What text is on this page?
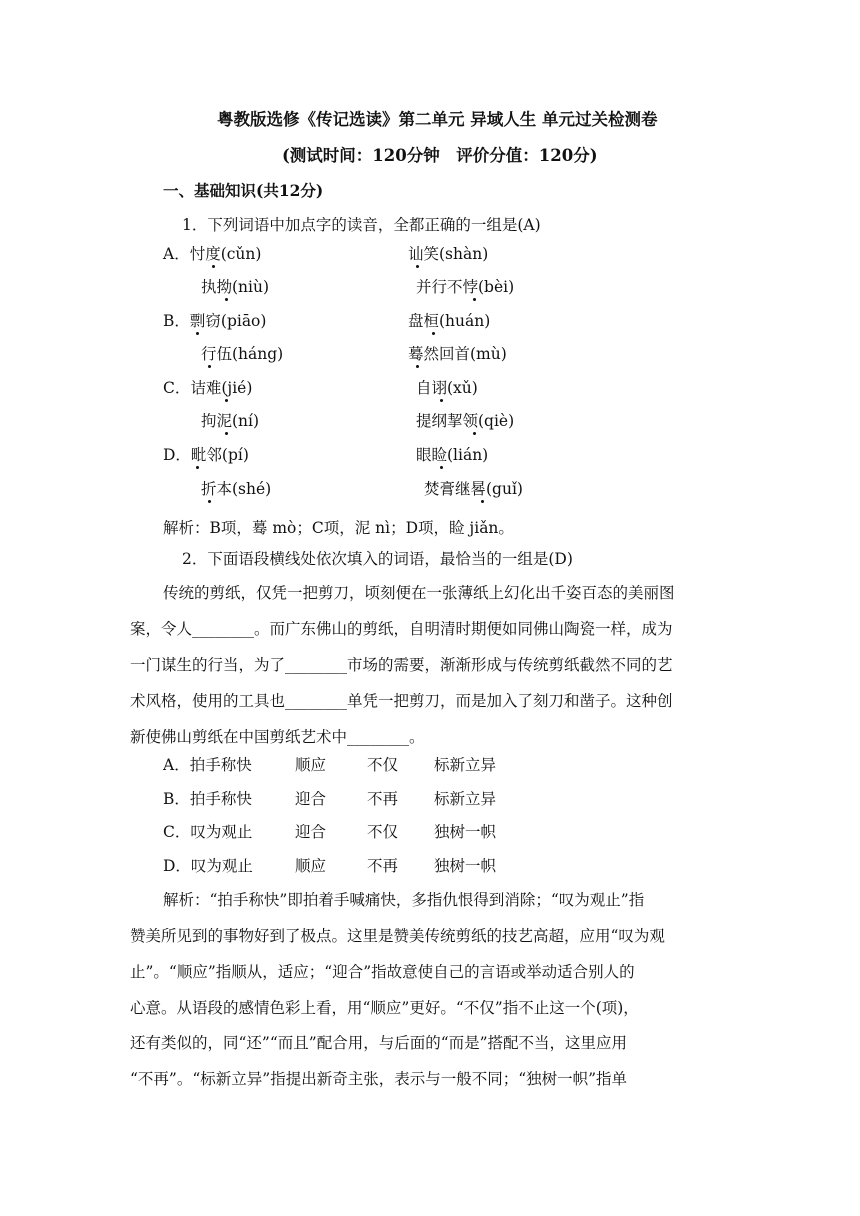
粤教版选修《传记选读》第二单元 异域人生 单元过关检测卷
(测试时间：120分钟　评价分值：120分)
一、基础知识(共12分)
1．下列词语中加点字的读音，全都正确的一组是(A)
A．忖度(cǔn)	讪笑(shàn)
执拗(niù)	并行不悖(bèi)
B．剽窃(piāo)	盘桓(huán)
行伍(háng)	蓦然回首(mù)
C．诘难(jié)	自诩(xǔ)
拘泥(ní)	提纲挈领(qiè)
D．毗邻(pí)	眼睑(lián)
折本(shé)	焚膏继晷(guǐ)
解析：B项，蓦 mò；C项，泥 nì；D项，睑 jiǎn。
2．下面语段横线处依次填入的词语，最恰当的一组是(D)
传统的剪纸，仅凭一把剪刀，顷刻便在一张薄纸上幻化出千姿百态的美丽图
案，令人________。而广东佛山的剪纸，自明清时期便如同佛山陶瓷一样，成为
一门谋生的行当，为了________市场的需要，渐渐形成与传统剪纸截然不同的艺
术风格，使用的工具也________单凭一把剪刀，而是加入了刻刀和凿子。这种创
新使佛山剪纸在中国剪纸艺术中________。
A．拍手称快	顺应	不仅 标新立异
B．拍手称快	迎合	不再 标新立异
C．叹为观止	迎合	不仅 独树一帜
D．叹为观止	顺应	不再 独树一帜
解析：“拍手称快”即拍着手喊痛快，多指仇恨得到消除；“叹为观止”指
赞美所见到的事物好到了极点。这里是赞美传统剪纸的技艺高超，应用“叹为观
止”。“顺应”指顺从，适应；“迎合”指故意使自己的言语或举动适合别人的
心意。从语段的感情色彩上看，用“顺应”更好。“不仅”指不止这一个(项)，
还有类似的，同“还”“而且”配合用，与后面的“而是”搭配不当，这里应用
“不再”。“标新立异”指提出新奇主张，表示与一般不同；“独树一帜”指单
